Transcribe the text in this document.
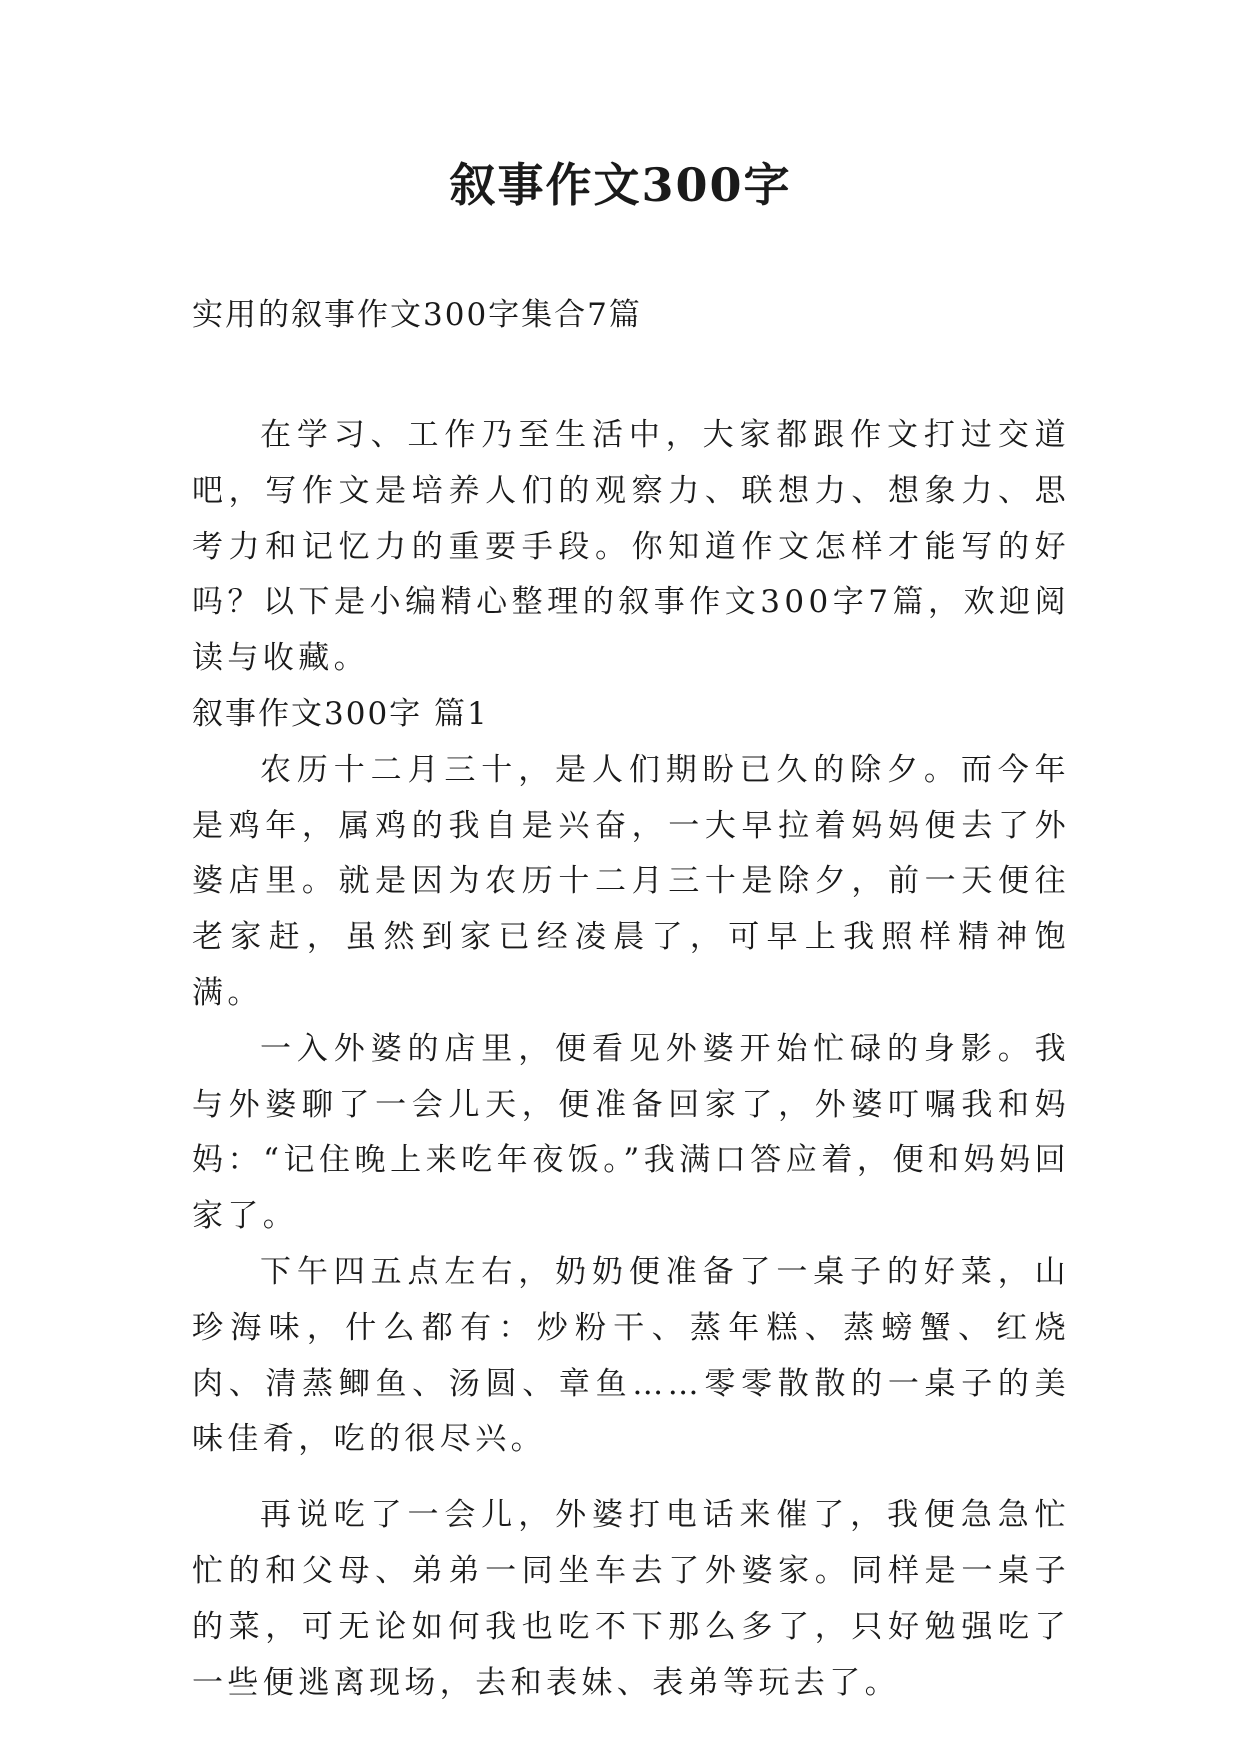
叙事作文300字

实用的叙事作文300字集合7篇

在学习、工作乃至生活中，大家都跟作文打过交道吧，写作文是培养人们的观察力、联想力、想象力、思考力和记忆力的重要手段。你知道作文怎样才能写的好吗？以下是小编精心整理的叙事作文300字7篇，欢迎阅读与收藏。

叙事作文300字 篇1

农历十二月三十，是人们期盼已久的除夕。而今年是鸡年，属鸡的我自是兴奋，一大早拉着妈妈便去了外婆店里。就是因为农历十二月三十是除夕，前一天便往老家赶，虽然到家已经凌晨了，可早上我照样精神饱满。

一入外婆的店里，便看见外婆开始忙碌的身影。我与外婆聊了一会儿天，便准备回家了，外婆叮嘱我和妈妈：“记住晚上来吃年夜饭。”我满口答应着，便和妈妈回家了。

下午四五点左右，奶奶便准备了一桌子的好菜，山珍海味，什么都有：炒粉干、蒸年糕、蒸螃蟹、红烧肉、清蒸鲫鱼、汤圆、章鱼……零零散散的一桌子的美味佳肴，吃的很尽兴。

再说吃了一会儿，外婆打电话来催了，我便急急忙忙的和父母、弟弟一同坐车去了外婆家。同样是一桌子的菜，可无论如何我也吃不下那么多了，只好勉强吃了一些便逃离现场，去和表妹、表弟等玩去了。
